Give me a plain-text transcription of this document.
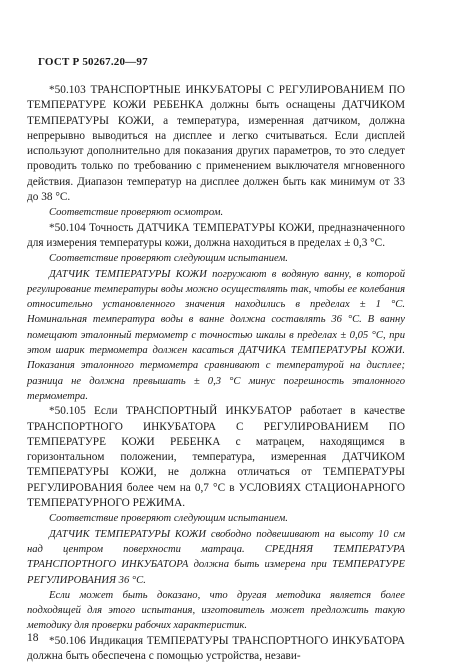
ГОСТ Р 50267.20—97

*50.103 ТРАНСПОРТНЫЕ ИНКУБАТОРЫ С РЕГУЛИРОВАНИЕМ ПО ТЕМПЕРАТУРЕ КОЖИ РЕБЕНКА должны быть оснащены ДАТЧИКОМ ТЕМПЕРАТУРЫ КОЖИ, а температура, измеренная датчиком, должна непрерывно выводиться на дисплее и легко считываться. Если дисплей используют дополнительно для показания других параметров, то это следует проводить только по требованию с применением выключателя мгновенного действия. Диапазон температур на дисплее должен быть как минимум от 33 до 38 °С.

Соответствие проверяют осмотром.

*50.104 Точность ДАТЧИКА ТЕМПЕРАТУРЫ КОЖИ, предназначенного для измерения температуры кожи, должна находиться в пределах ± 0,3 °С.

Соответствие проверяют следующим испытанием.

ДАТЧИК ТЕМПЕРАТУРЫ КОЖИ погружают в водяную ванну, в которой регулирование температуры воды можно осуществлять так, чтобы ее колебания относительно установленного значения находились в пределах ± 1 °С. Номинальная температура воды в ванне должна составлять 36 °С. В ванну помещают эталонный термометр с точностью шкалы в пределах ± 0,05 °С, при этом шарик термометра должен касаться ДАТЧИКА ТЕМПЕРАТУРЫ КОЖИ. Показания эталонного термометра сравнивают с температурой на дисплее; разница не должна превышать ± 0,3 °С минус погрешность эталонного термометра.

*50.105 Если ТРАНСПОРТНЫЙ ИНКУБАТОР работает в качестве ТРАНСПОРТНОГО ИНКУБАТОРА С РЕГУЛИРОВАНИЕМ ПО ТЕМПЕРАТУРЕ КОЖИ РЕБЕНКА с матрацем, находящимся в горизонтальном положении, температура, измеренная ДАТЧИКОМ ТЕМПЕРАТУРЫ КОЖИ, не должна отличаться от ТЕМПЕРАТУРЫ РЕГУЛИРОВАНИЯ более чем на 0,7 °С в УСЛОВИЯХ СТАЦИОНАРНОГО ТЕМПЕРАТУРНОГО РЕЖИМА.

Соответствие проверяют следующим испытанием.

ДАТЧИК ТЕМПЕРАТУРЫ КОЖИ свободно подвешивают на высоту 10 см над центром поверхности матраца. СРЕДНЯЯ ТЕМПЕРАТУРА ТРАНСПОРТНОГО ИНКУБАТОРА должна быть измерена при ТЕМПЕРАТУРЕ РЕГУЛИРОВАНИЯ 36 °С.

Если может быть доказано, что другая методика является более подходящей для этого испытания, изготовитель может предложить такую методику для проверки рабочих характеристик.

*50.106 Индикация ТЕМПЕРАТУРЫ ТРАНСПОРТНОГО ИНКУБАТОРА должна быть обеспечена с помощью устройства, незави-

18
